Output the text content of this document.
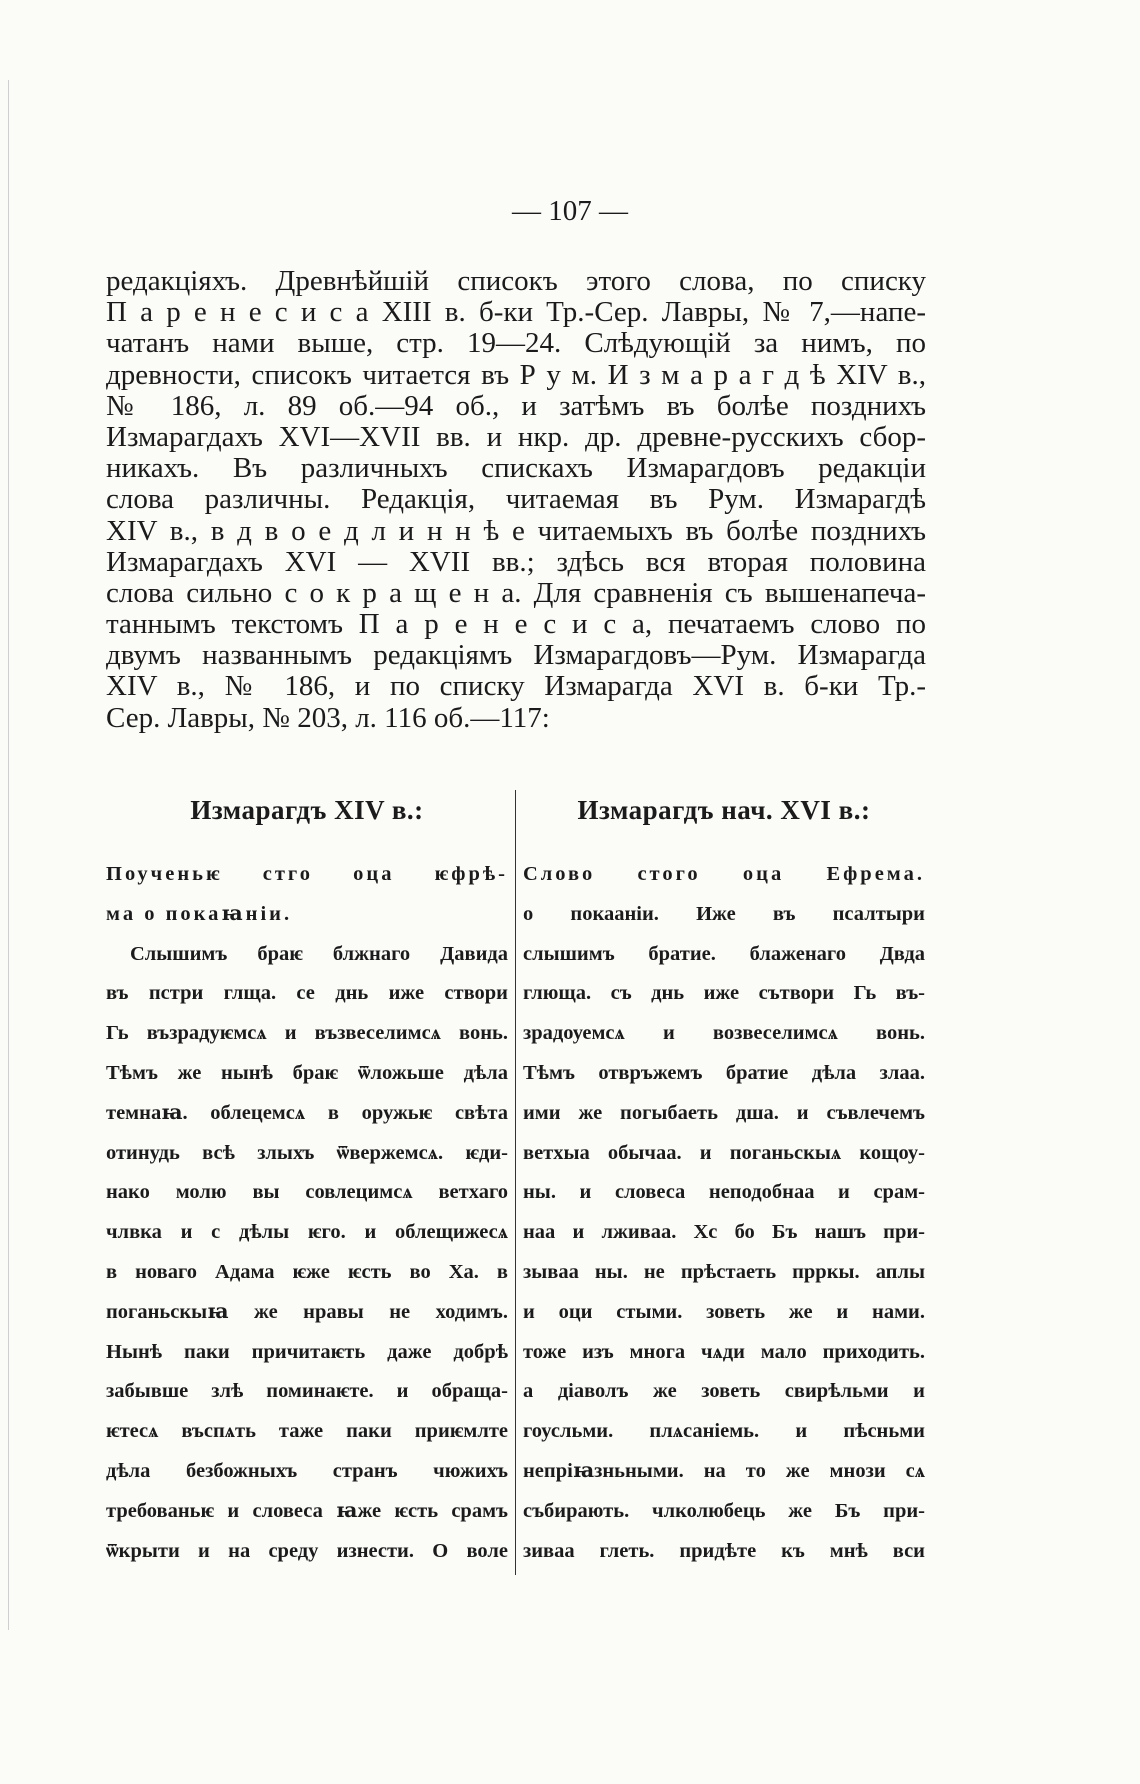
— 107 —
редакціяхъ. Древнѣйшій списокъ этого слова, по списку
П а р е н е с и с а XIII в. б-ки Тр.-Сер. Лавры, № 7,—напе-
чатанъ нами выше, стр. 19—24. Слѣдующій за нимъ, по
древности, списокъ читается въ Р у м. И з м а р а г д ѣ XIV в.,
№ 186, л. 89 об.—94 об., и затѣмъ въ болѣе позднихъ
Измарагдахъ XVI—XVII вв. и нкр. др. древне-русскихъ сбор-
никахъ. Въ различныхъ спискахъ Измарагдовъ редакціи
слова различны. Редакція, читаемая въ Рум. Измарагдѣ
XIV в., в д в о е д л и н н ѣ е читаемыхъ въ болѣе позднихъ
Измарагдахъ XVI — XVII вв.; здѣсь вся вторая половина
слова сильно с о к р а щ е н а. Для сравненія съ вышенапеча-
таннымъ текстомъ П а р е н е с и с а, печатаемъ слово по
двумъ названнымъ редакціямъ Измарагдовъ—Рум. Измарагда
XIV в., № 186, и по списку Измарагда XVI в. б-ки Тр.-
Сер. Лавры, № 203, л. 116 об.—117:
Измарагдъ XIV в.:
Поученьѥ стго оца ѥфрѣ-
ма о покаꙗніи.
Слышимъ браѥ блжнаго Давида
въ пстри глща. се днь иже створи
Гь възрадуѥмсѧ и възвеселимсѧ вонь.
Тѣмъ же нынѣ браѥ ѿложьше дѣла
темнаꙗ. облецемсѧ в оружьѥ свѣта
отинудь всѣ злыхъ ѿвержемсѧ. ѥди-
нако молю вы совлецимсѧ ветхаго
члвка и с дѣлы ѥго. и облещижесѧ
в новаго Адама ѥже ѥсть во Ха. в
поганьскыꙗ же нравы не ходимъ.
Нынѣ паки причитаѥть даже добрѣ
забывше злѣ поминаѥте. и обраща-
ѥтесѧ въспѧть таже паки приѥмлте
дѣла безбожныхъ странъ чюжихъ
требованьѥ и словеса ꙗже ѥсть срамъ
ѿкрыти и на среду изнести. О воле
Измарагдъ нач. XVI в.:
Слово стого оца Ефрема.
о покааніи. Иже въ псалтыри
слышимъ братие. блаженаго Двда
глющa. съ днь иже сътвори Гь въ-
зрадоуемсѧ и возвеселимсѧ вонь.
Тѣмъ отвръжемъ братие дѣла злаа.
ими же погыбаеть дша. и съвлечемъ
ветхыа обычаа. и поганьскыѧ кощоу-
ны. и словеса неподобнаа и срам-
наа и лживаа. Хс бо Бъ нашъ при-
зываа ны. не прѣстаеть прркы. аплы
и оци стыми. зоветь же и нами.
тоже изъ многа чѧди мало приходить.
а діаволъ же зоветь свирѣльми и
гоусльми. плѧсаніемь. и пѣсньми
непріꙗзньными. на то же мнози сѧ
събирають. члколюбець же Бъ при-
зиваа глеть. придѣте къ мнѣ вси
